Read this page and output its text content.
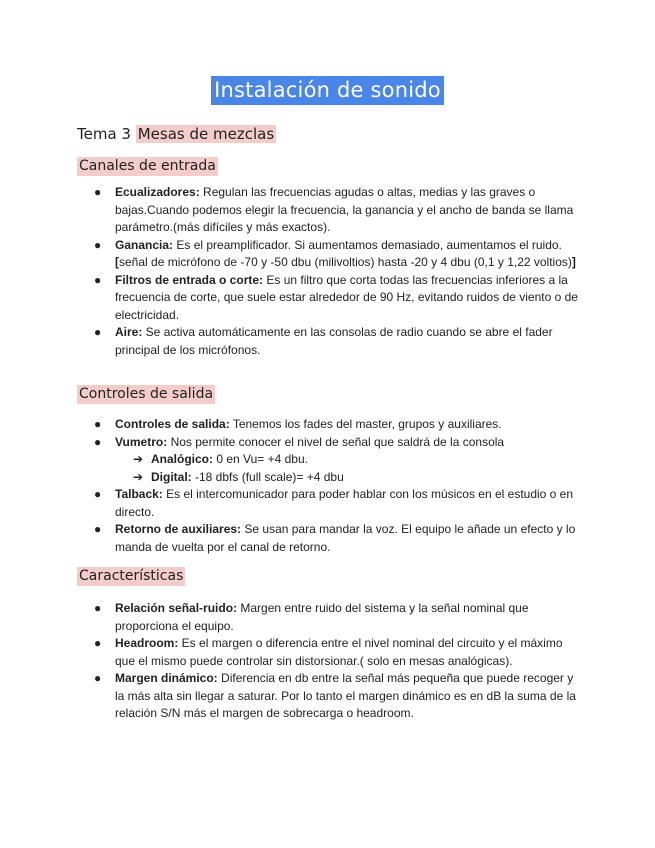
Instalación de sonido
Tema 3 Mesas de mezclas
Canales de entrada
● Ecualizadores: Regulan las frecuencias agudas o altas, medias y las graves o bajas.Cuando podemos elegir la frecuencia, la ganancia y el ancho de banda se llama parámetro.(más difíciles y más exactos).
● Ganancia: Es el preamplificador. Si aumentamos demasiado, aumentamos el ruido. [señal de micrófono de -70 y -50 dbu (milivoltios) hasta -20 y 4 dbu (0,1 y 1,22 voltios)]
● Filtros de entrada o corte: Es un filtro que corta todas las frecuencias inferiores a la frecuencia de corte, que suele estar alrededor de 90 Hz, evitando ruidos de viento o de electricidad.
● Aire: Se activa automáticamente en las consolas de radio cuando se abre el fader principal de los micrófonos.
Controles de salida
● Controles de salida: Tenemos los fades del master, grupos y auxiliares.
● Vumetro: Nos permite conocer el nivel de señal que saldrá de la consola
➔ Analógico: 0 en Vu= +4 dbu.
➔ Digital: -18 dbfs (full scale)= +4 dbu
● Talback: Es el intercomunicador para poder hablar con los músicos en el estudio o en directo.
● Retorno de auxiliares: Se usan para mandar la voz. El equipo le añade un efecto y lo manda de vuelta por el canal de retorno.
Características
● Relación señal-ruido: Margen entre ruido del sistema y la señal nominal que proporciona el equipo.
● Headroom: Es el margen o diferencia entre el nivel nominal del circuito y el máximo que el mismo puede controlar sin distorsionar.( solo en mesas analógicas).
● Margen dinámico: Diferencia en db entre la señal más pequeña que puede recoger y la más alta sin llegar a saturar. Por lo tanto el margen dinámico es en dB la suma de la relación S/N más el margen de sobrecarga o headroom.
